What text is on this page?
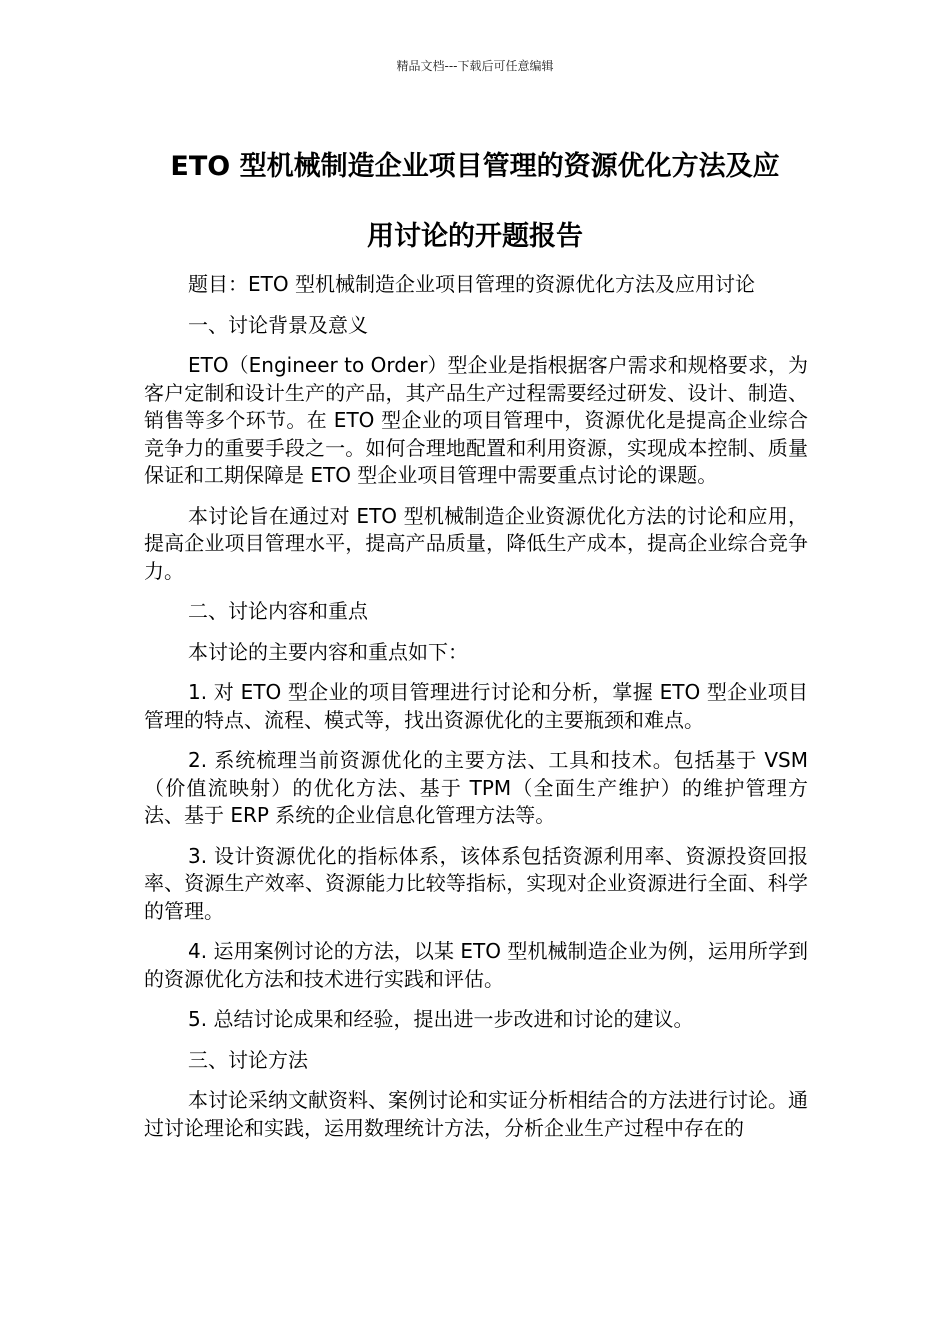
精品文档---下载后可任意编辑
ETO 型机械制造企业项目管理的资源优化方法及应
用讨论的开题报告

题目：ETO 型机械制造企业项目管理的资源优化方法及应用讨论

一、讨论背景及意义

ETO（Engineer to Order）型企业是指根据客户需求和规格要求，为客户定制和设计生产的产品，其产品生产过程需要经过研发、设计、制造、销售等多个环节。在 ETO 型企业的项目管理中，资源优化是提高企业综合竞争力的重要手段之一。如何合理地配置和利用资源，实现成本控制、质量保证和工期保障是 ETO 型企业项目管理中需要重点讨论的课题。

本讨论旨在通过对 ETO 型机械制造企业资源优化方法的讨论和应用，提高企业项目管理水平，提高产品质量，降低生产成本，提高企业综合竞争力。

二、讨论内容和重点

本讨论的主要内容和重点如下：

1. 对 ETO 型企业的项目管理进行讨论和分析，掌握 ETO 型企业项目管理的特点、流程、模式等，找出资源优化的主要瓶颈和难点。

2. 系统梳理当前资源优化的主要方法、工具和技术。包括基于 VSM（价值流映射）的优化方法、基于 TPM（全面生产维护）的维护管理方法、基于 ERP 系统的企业信息化管理方法等。

3. 设计资源优化的指标体系，该体系包括资源利用率、资源投资回报率、资源生产效率、资源能力比较等指标，实现对企业资源进行全面、科学的管理。

4. 运用案例讨论的方法，以某 ETO 型机械制造企业为例，运用所学到的资源优化方法和技术进行实践和评估。

5. 总结讨论成果和经验，提出进一步改进和讨论的建议。

三、讨论方法

本讨论采纳文献资料、案例讨论和实证分析相结合的方法进行讨论。通过讨论理论和实践，运用数理统计方法，分析企业生产过程中存在的
